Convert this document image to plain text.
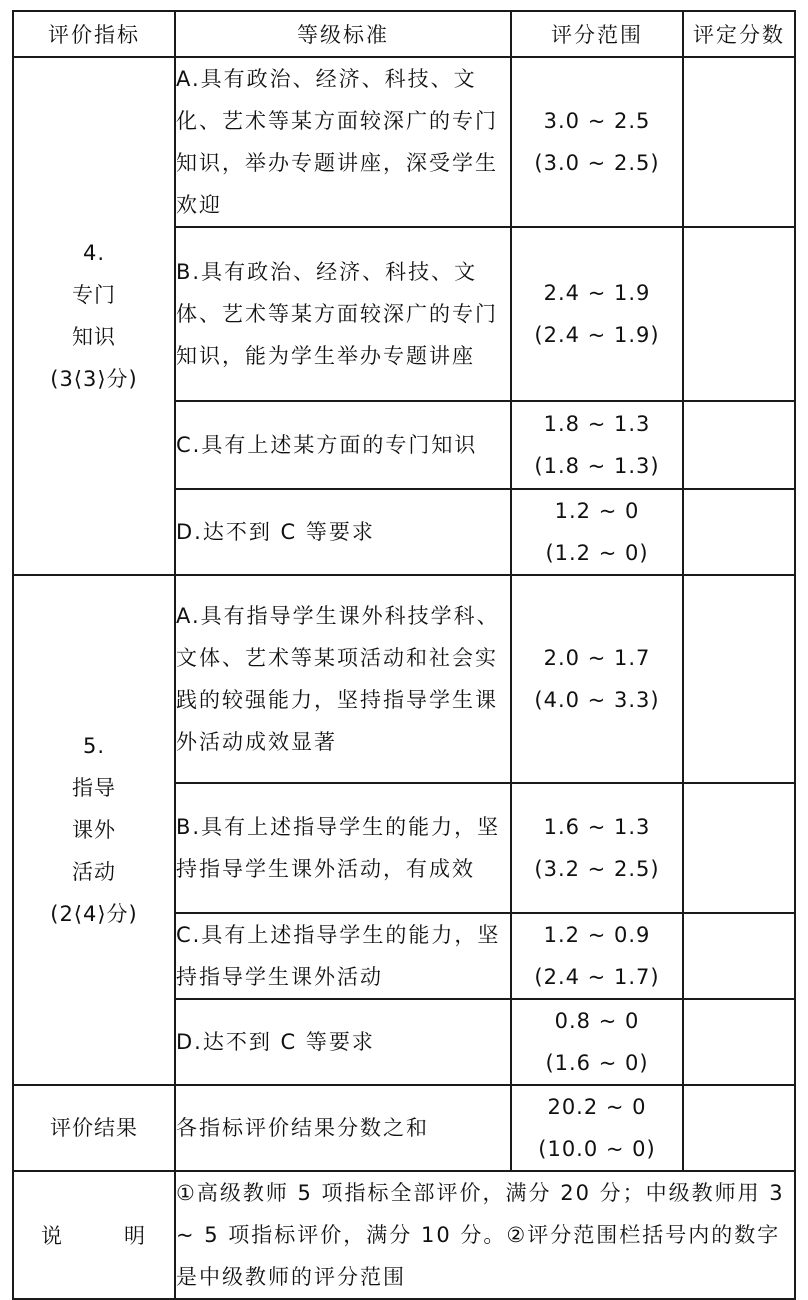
评价指标	等级标准	评分范围	评定分数

4.
专门
知识
(3⟨3⟩分)	A.具有政治、经济、科技、文化、艺术等某方面较深广的专门知识，举办专题讲座，深受学生欢迎	3.0 ~ 2.5
(3.0 ~ 2.5)	

	B.具有政治、经济、科技、文体、艺术等某方面较深广的专门知识，能为学生举办专题讲座	2.4 ~ 1.9
(2.4 ~ 1.9)	

	C.具有上述某方面的专门知识	1.8 ~ 1.3
(1.8 ~ 1.3)	

	D.达不到 C 等要求	1.2 ~ 0
(1.2 ~ 0)	

5.
指导
课外
活动
(2⟨4⟩分)	A.具有指导学生课外科技学科、文体、艺术等某项活动和社会实践的较强能力，坚持指导学生课外活动成效显著	2.0 ~ 1.7
(4.0 ~ 3.3)	

	B.具有上述指导学生的能力，坚持指导学生课外活动，有成效	1.6 ~ 1.3
(3.2 ~ 2.5)	

	C.具有上述指导学生的能力，坚持指导学生课外活动	1.2 ~ 0.9
(2.4 ~ 1.7)	

	D.达不到 C 等要求	0.8 ~ 0
(1.6 ~ 0)	

评价结果	各指标评价结果分数之和	20.2 ~ 0
(10.0 ~ 0)	

说 明	①高级教师 5 项指标全部评价，满分 20 分；中级教师用 3 ~ 5 项指标评价，满分 10 分。②评分范围栏括号内的数字是中级教师的评分范围		
